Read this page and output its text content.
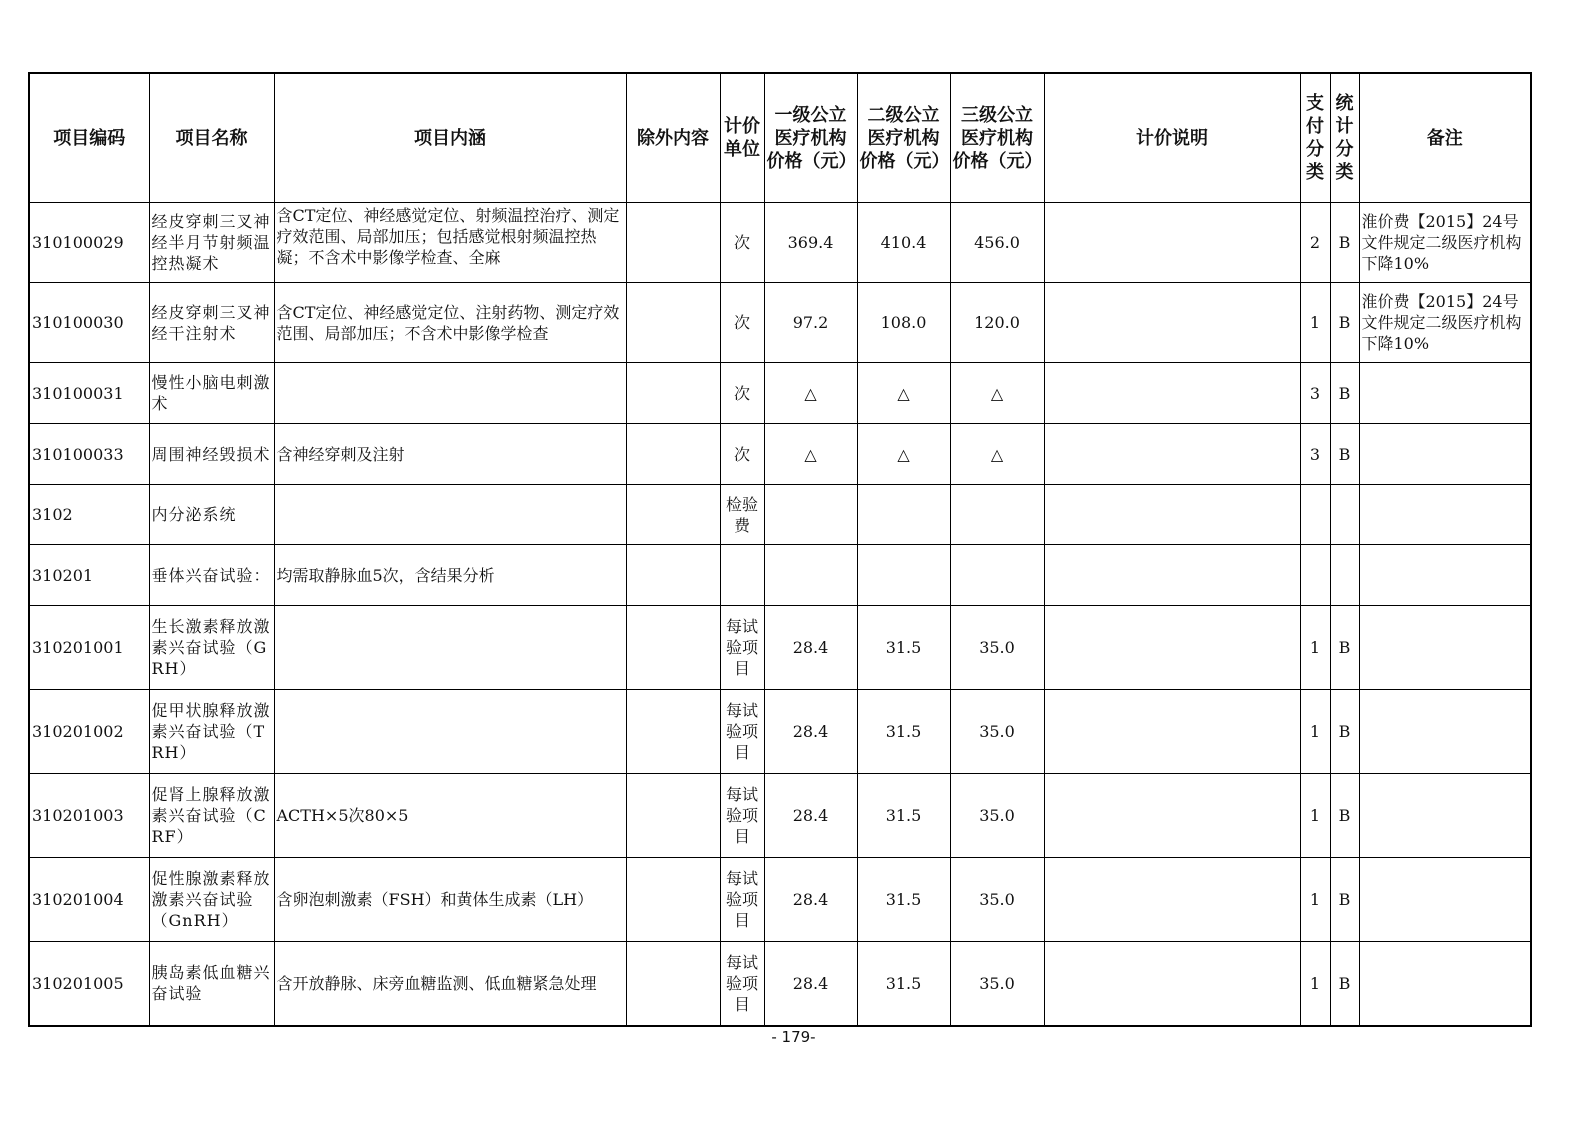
项目编码	项目名称	项目内涵	除外内容	计价单位	一级公立医疗机构价格（元）	二级公立医疗机构价格（元）	三级公立医疗机构价格（元）	计价说明	支付分类	统计分类	备注
310100029	经皮穿刺三叉神经半月节射频温控热凝术	含CT定位、神经感觉定位、射频温控治疗、测定疗效范围、局部加压；包括感觉根射频温控热凝；不含术中影像学检查、全麻		次	369.4	410.4	456.0		2	B	淮价费【2015】24号文件规定二级医疗机构下降10%
310100030	经皮穿刺三叉神经干注射术	含CT定位、神经感觉定位、注射药物、测定疗效范围、局部加压；不含术中影像学检查		次	97.2	108.0	120.0		1	B	淮价费【2015】24号文件规定二级医疗机构下降10%
310100031	慢性小脑电刺激术			次	△	△	△		3	B	
310100033	周围神经毁损术	含神经穿刺及注射		次	△	△	△		3	B	
3102	内分泌系统			检验费							
310201	垂体兴奋试验：	均需取静脉血5次，含结果分析									
310201001	生长激素释放激素兴奋试验（GRH）			每试验项目	28.4	31.5	35.0		1	B	
310201002	促甲状腺释放激素兴奋试验（TRH）			每试验项目	28.4	31.5	35.0		1	B	
310201003	促肾上腺释放激素兴奋试验（CRF）	ACTH×5次80×5		每试验项目	28.4	31.5	35.0		1	B	
310201004	促性腺激素释放激素兴奋试验（GnRH）	含卵泡刺激素（FSH）和黄体生成素（LH）		每试验项目	28.4	31.5	35.0		1	B	
310201005	胰岛素低血糖兴奋试验	含开放静脉、床旁血糖监测、低血糖紧急处理		每试验项目	28.4	31.5	35.0		1	B	
- 179-
